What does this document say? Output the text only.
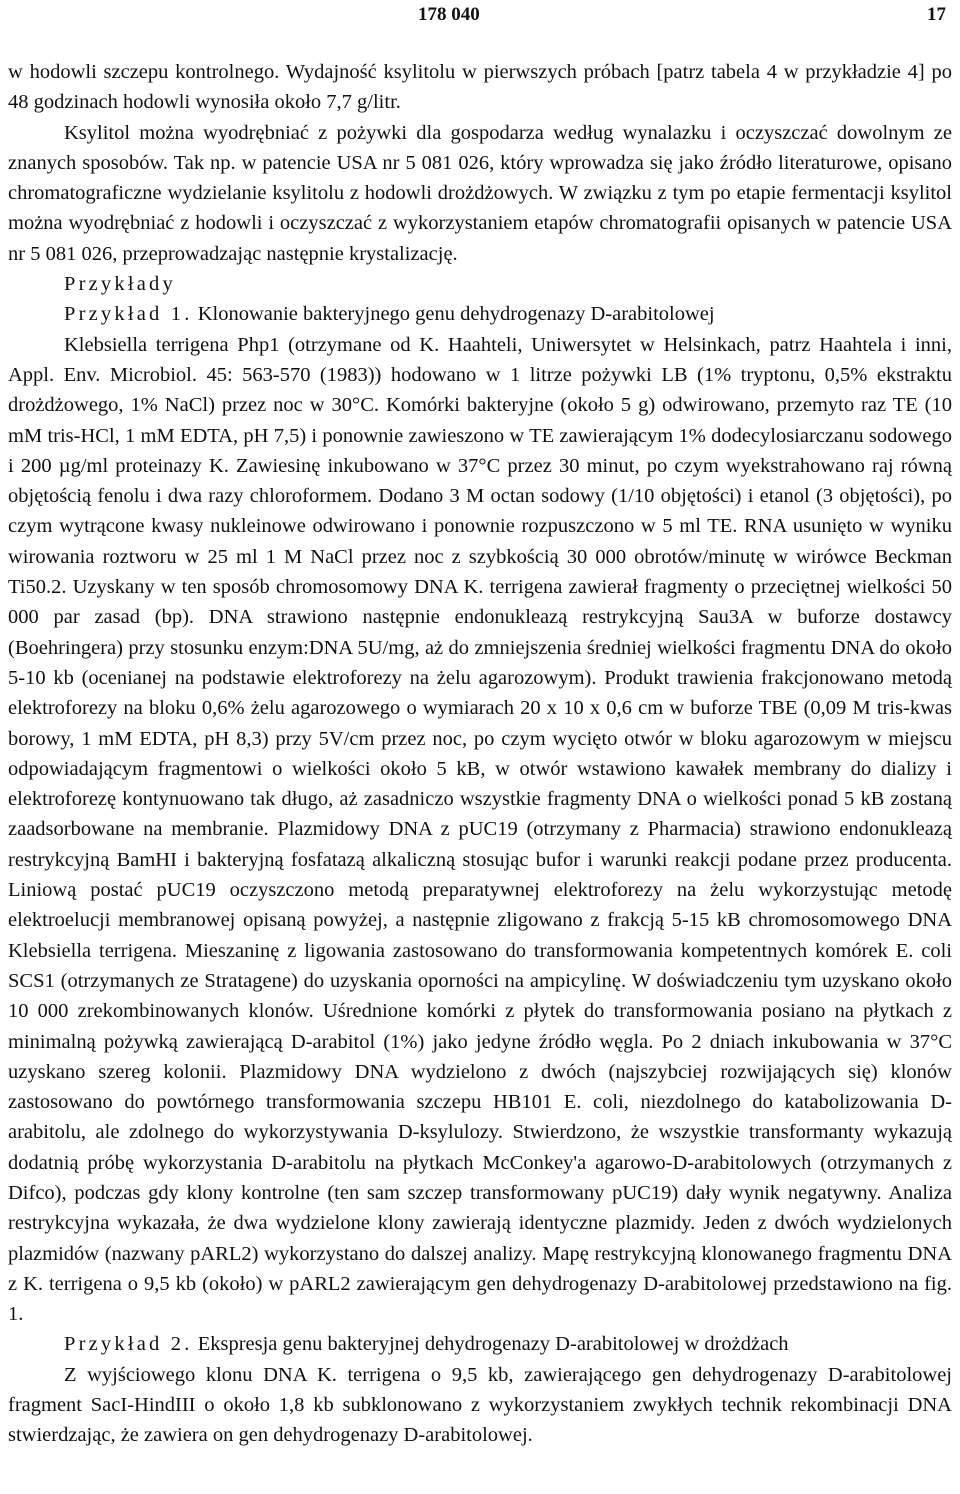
178 040	17

w hodowli szczepu kontrolnego. Wydajność ksylitolu w pierwszych próbach [patrz tabela 4 w przykładzie 4] po 48 godzinach hodowli wynosiła około 7,7 g/litr.

Ksylitol można wyodrębniać z pożywki dla gospodarza według wynalazku i oczyszczać dowolnym ze znanych sposobów. Tak np. w patencie USA nr 5 081 026, który wprowadza się jako źródło literaturowe, opisano chromatograficzne wydzielanie ksylitolu z hodowli drożdżowych. W związku z tym po etapie fermentacji ksylitol można wyodrębniać z hodowli i oczyszczać z wykorzystaniem etapów chromatografii opisanych w patencie USA nr 5 081 026, przeprowadzając następnie krystalizację.

Przykłady

Przykład 1. Klonowanie bakteryjnego genu dehydrogenazy D-arabitolowej

Klebsiella terrigena Php1 (otrzymane od K. Haahteli, Uniwersytet w Helsinkach, patrz Haahtela i inni, Appl. Env. Microbiol. 45: 563-570 (1983)) hodowano w 1 litrze pożywki LB (1% tryptonu, 0,5% ekstraktu drożdżowego, 1% NaCl) przez noc w 30°C. Komórki bakteryjne (około 5 g) odwirowano, przemyto raz TE (10 mM tris-HCl, 1 mM EDTA, pH 7,5) i ponownie zawieszono w TE zawierającym 1% dodecylosiarczanu sodowego i 200 µg/ml proteinazy K. Zawiesinę inkubowano w 37°C przez 30 minut, po czym wyekstrahowano raj równą objętością fenolu i dwa razy chloroformem. Dodano 3 M octan sodowy (1/10 objętości) i etanol (3 objętości), po czym wytrącone kwasy nukleinowe odwirowano i ponownie rozpuszczono w 5 ml TE. RNA usunięto w wyniku wirowania roztworu w 25 ml 1 M NaCl przez noc z szybkością 30 000 obrotów/minutę w wirówce Beckman Ti50.2. Uzyskany w ten sposób chromosomowy DNA K. terrigena zawierał fragmenty o przeciętnej wielkości 50 000 par zasad (bp). DNA strawiono następnie endonukleazą restrykcyjną Sau3A w buforze dostawcy (Boehringera) przy stosunku enzym:DNA 5U/mg, aż do zmniejszenia średniej wielkości fragmentu DNA do około 5-10 kb (ocenianej na podstawie elektroforezy na żelu agarozowym). Produkt trawienia frakcjonowano metodą elektroforezy na bloku 0,6% żelu agarozowego o wymiarach 20 x 10 x 0,6 cm w buforze TBE (0,09 M tris-kwas borowy, 1 mM EDTA, pH 8,3) przy 5V/cm przez noc, po czym wycięto otwór w bloku agarozowym w miejscu odpowiadającym fragmentowi o wielkości około 5 kB, w otwór wstawiono kawałek membrany do dializy i elektroforezę kontynuowano tak długo, aż zasadniczo wszystkie fragmenty DNA o wielkości ponad 5 kB zostaną zaadsorbowane na membranie. Plazmidowy DNA z pUC19 (otrzymany z Pharmacia) strawiono endonukleazą restrykcyjną BamHI i bakteryjną fosfatazą alkaliczną stosując bufor i warunki reakcji podane przez producenta. Liniową postać pUC19 oczyszczono metodą preparatywnej elektroforezy na żelu wykorzystując metodę elektroelucji membranowej opisaną powyżej, a następnie zligowano z frakcją 5-15 kB chromosomowego DNA Klebsiella terrigena. Mieszaninę z ligowania zastosowano do transformowania kompetentnych komórek E. coli SCS1 (otrzymanych ze Stratagene) do uzyskania oporności na ampicylinę. W doświadczeniu tym uzyskano około 10 000 zrekombinowanych klonów. Uśrednione komórki z płytek do transformowania posiano na płytkach z minimalną pożywką zawierającą D-arabitol (1%) jako jedyne źródło węgla. Po 2 dniach inkubowania w 37°C uzyskano szereg kolonii. Plazmidowy DNA wydzielono z dwóch (najszybciej rozwijających się) klonów zastosowano do powtórnego transformowania szczepu HB101 E. coli, niezdolnego do katabolizowania D-arabitolu, ale zdolnego do wykorzystywania D-ksylulozy. Stwierdzono, że wszystkie transformanty wykazują dodatnią próbę wykorzystania D-arabitolu na płytkach McConkey'a agarowo-D-arabitolowych (otrzymanych z Difco), podczas gdy klony kontrolne (ten sam szczep transformowany pUC19) dały wynik negatywny. Analiza restrykcyjna wykazała, że dwa wydzielone klony zawierają identyczne plazmidy. Jeden z dwóch wydzielonych plazmidów (nazwany pARL2) wykorzystano do dalszej analizy. Mapę restrykcyjną klonowanego fragmentu DNA z K. terrigena o 9,5 kb (około) w pARL2 zawierającym gen dehydrogenazy D-arabitolowej przedstawiono na fig. 1.

Przykład 2. Ekspresja genu bakteryjnej dehydrogenazy D-arabitolowej w drożdżach

Z wyjściowego klonu DNA K. terrigena o 9,5 kb, zawierającego gen dehydrogenazy D-arabitolowej fragment SacI-HindIII o około 1,8 kb subklonowano z wykorzystaniem zwykłych technik rekombinacji DNA stwierdzając, że zawiera on gen dehydrogenazy D-arabitolowej.
